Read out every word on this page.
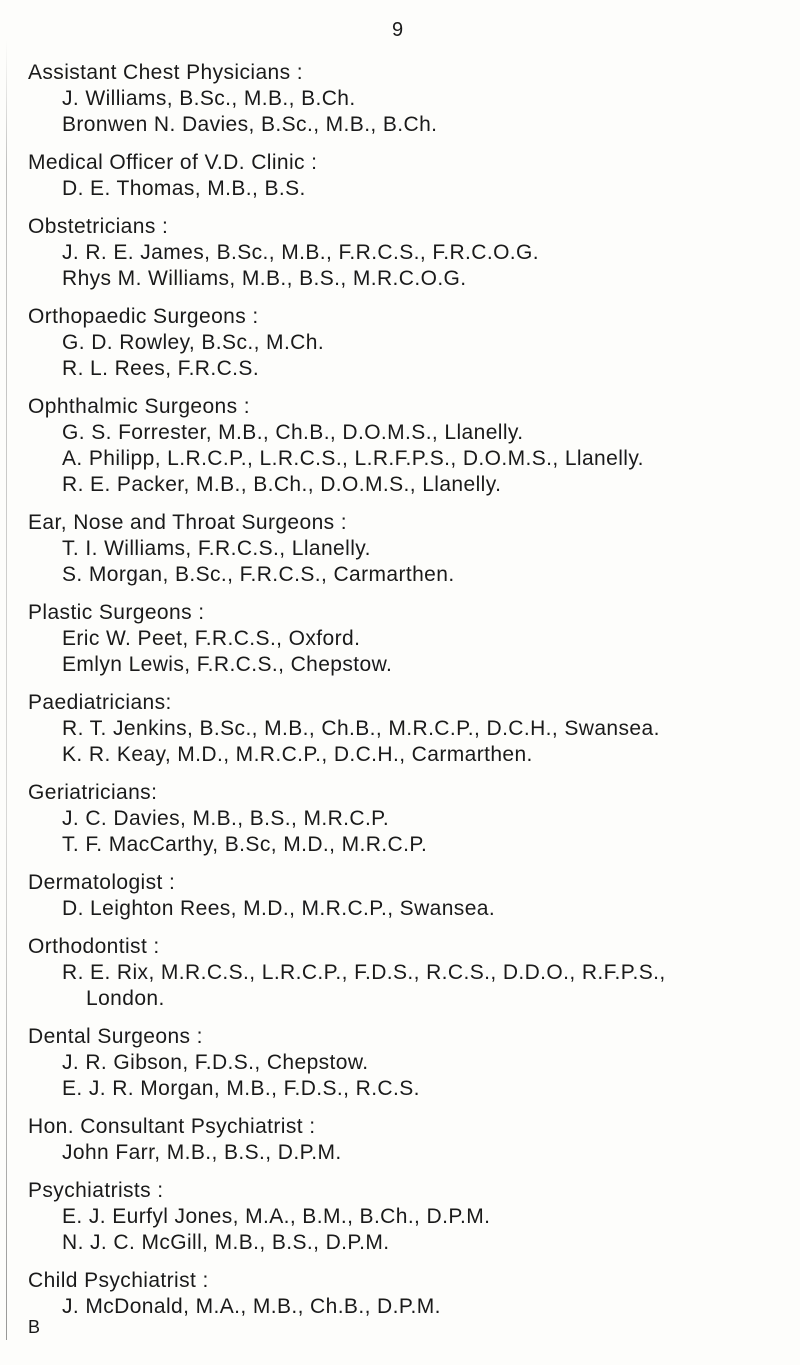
9
Assistant Chest Physicians :
J. Williams, B.Sc., M.B., B.Ch.
Bronwen N. Davies, B.Sc., M.B., B.Ch.
Medical Officer of V.D. Clinic :
D. E. Thomas, M.B., B.S.
Obstetricians :
J. R. E. James, B.Sc., M.B., F.R.C.S., F.R.C.O.G.
Rhys M. Williams, M.B., B.S., M.R.C.O.G.
Orthopaedic Surgeons :
G. D. Rowley, B.Sc., M.Ch.
R. L. Rees, F.R.C.S.
Ophthalmic Surgeons :
G. S. Forrester, M.B., Ch.B., D.O.M.S., Llanelly.
A. Philipp, L.R.C.P., L.R.C.S., L.R.F.P.S., D.O.M.S., Llanelly.
R. E. Packer, M.B., B.Ch., D.O.M.S., Llanelly.
Ear, Nose and Throat Surgeons :
T. I. Williams, F.R.C.S., Llanelly.
S. Morgan, B.Sc., F.R.C.S., Carmarthen.
Plastic Surgeons :
Eric W. Peet, F.R.C.S., Oxford.
Emlyn Lewis, F.R.C.S., Chepstow.
Paediatricians:
R. T. Jenkins, B.Sc., M.B., Ch.B., M.R.C.P., D.C.H., Swansea.
K. R. Keay, M.D., M.R.C.P., D.C.H., Carmarthen.
Geriatricians:
J. C. Davies, M.B., B.S., M.R.C.P.
T. F. MacCarthy, B.Sc, M.D., M.R.C.P.
Dermatologist :
D. Leighton Rees, M.D., M.R.C.P., Swansea.
Orthodontist :
R. E. Rix, M.R.C.S., L.R.C.P., F.D.S., R.C.S., D.D.O., R.F.P.S.,
London.
Dental Surgeons :
J. R. Gibson, F.D.S., Chepstow.
E. J. R. Morgan, M.B., F.D.S., R.C.S.
Hon. Consultant Psychiatrist :
John Farr, M.B., B.S., D.P.M.
Psychiatrists :
E. J. Eurfyl Jones, M.A., B.M., B.Ch., D.P.M.
N. J. C. McGill, M.B., B.S., D.P.M.
Child Psychiatrist :
J. McDonald, M.A., M.B., Ch.B., D.P.M.
B
